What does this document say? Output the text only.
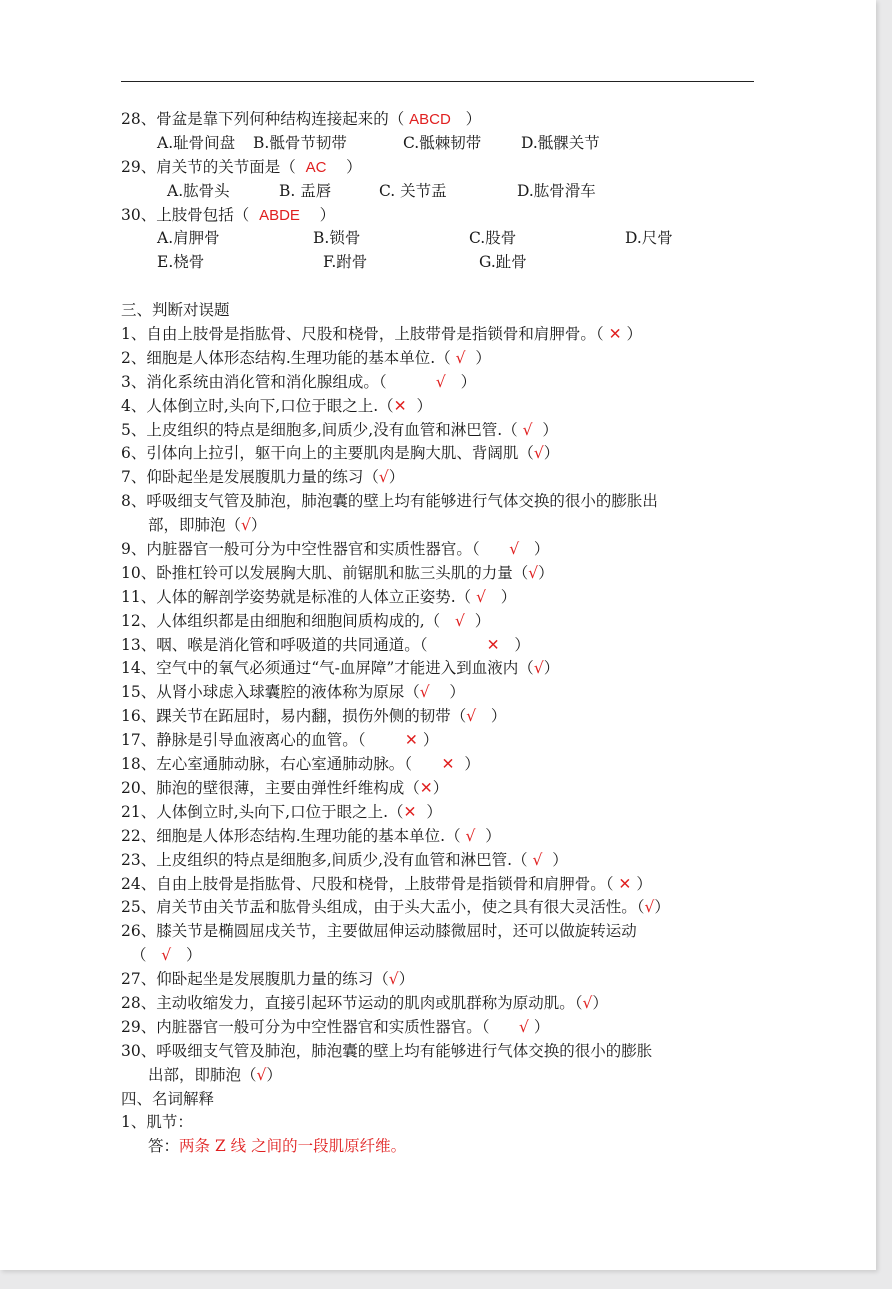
28、骨盆是靠下列何种结构连接起来的（ ABCD ）
A.耻骨间盘 B.骶骨节韧带	C.骶棘韧带	D.骶髁关节
29、肩关节的关节面是（ AC ）
A.肱骨头	B. 盂唇	C. 关节盂	D.肱骨滑车
30、上肢骨包括（ ABDE ）
A.肩胛骨	B.锁骨	C.股骨	D.尺骨
E.桡骨	F.跗骨	G.趾骨
三、判断对误题
1、自由上肢骨是指肱骨、尺股和桡骨，上肢带骨是指锁骨和肩胛骨。（ ✕ ）
2、细胞是人体形态结构.生理功能的基本单位.（ √ ）
3、消化系统由消化管和消化腺组成。（	√ ）
4、人体倒立时,头向下,口位于眼之上.（✕ ）
5、上皮组织的特点是细胞多,间质少,没有血管和淋巴管.（ √ ）
6、引体向上拉引，躯干向上的主要肌肉是胸大肌、背阔肌（√）
7、仰卧起坐是发展腹肌力量的练习（√）
8、呼吸细支气管及肺泡，肺泡囊的壁上均有能够进行气体交换的很小的膨胀出
部，即肺泡（√）
9、内脏器官一般可分为中空性器官和实质性器官。（ √ ）
10、卧推杠铃可以发展胸大肌、前锯肌和肱三头肌的力量（√）
11、人体的解剖学姿势就是标准的人体立正姿势.（ √ ）
12、人体组织都是由细胞和细胞间质构成的,（ √ ）
13、咽、喉是消化管和呼吸道的共同通道。（	✕ ）
14、空气中的氧气必须通过“气-血屏障”才能进入到血液内（√）
15、从肾小球虑入球囊腔的液体称为原尿（√ ）
16、踝关节在跖屈时，易内翻，损伤外侧的韧带（√ ）
17、静脉是引导血液离心的血管。（	✕ ）
18、左心室通肺动脉，右心室通肺动脉。（ ✕ ）
20、肺泡的壁很薄，主要由弹性纤维构成（✕）
21、人体倒立时,头向下,口位于眼之上.（✕ ）
22、细胞是人体形态结构.生理功能的基本单位.（ √ ）
23、上皮组织的特点是细胞多,间质少,没有血管和淋巴管.（ √ ）
24、自由上肢骨是指肱骨、尺股和桡骨，上肢带骨是指锁骨和肩胛骨。（ ✕ ）
25、肩关节由关节盂和肱骨头组成，由于头大盂小，使之具有很大灵活性。（√）
26、膝关节是椭圆屈戌关节，主要做屈伸运动膝微屈时，还可以做旋转运动
（ √ ）
27、仰卧起坐是发展腹肌力量的练习（√）
28、主动收缩发力，直接引起环节运动的肌肉或肌群称为原动肌。（√）
29、内脏器官一般可分为中空性器官和实质性器官。（ √ ）
30、呼吸细支气管及肺泡，肺泡囊的壁上均有能够进行气体交换的很小的膨胀
出部，即肺泡（√）
四、名词解释
1、肌节：
答：两条 Z 线 之间的一段肌原纤维。
